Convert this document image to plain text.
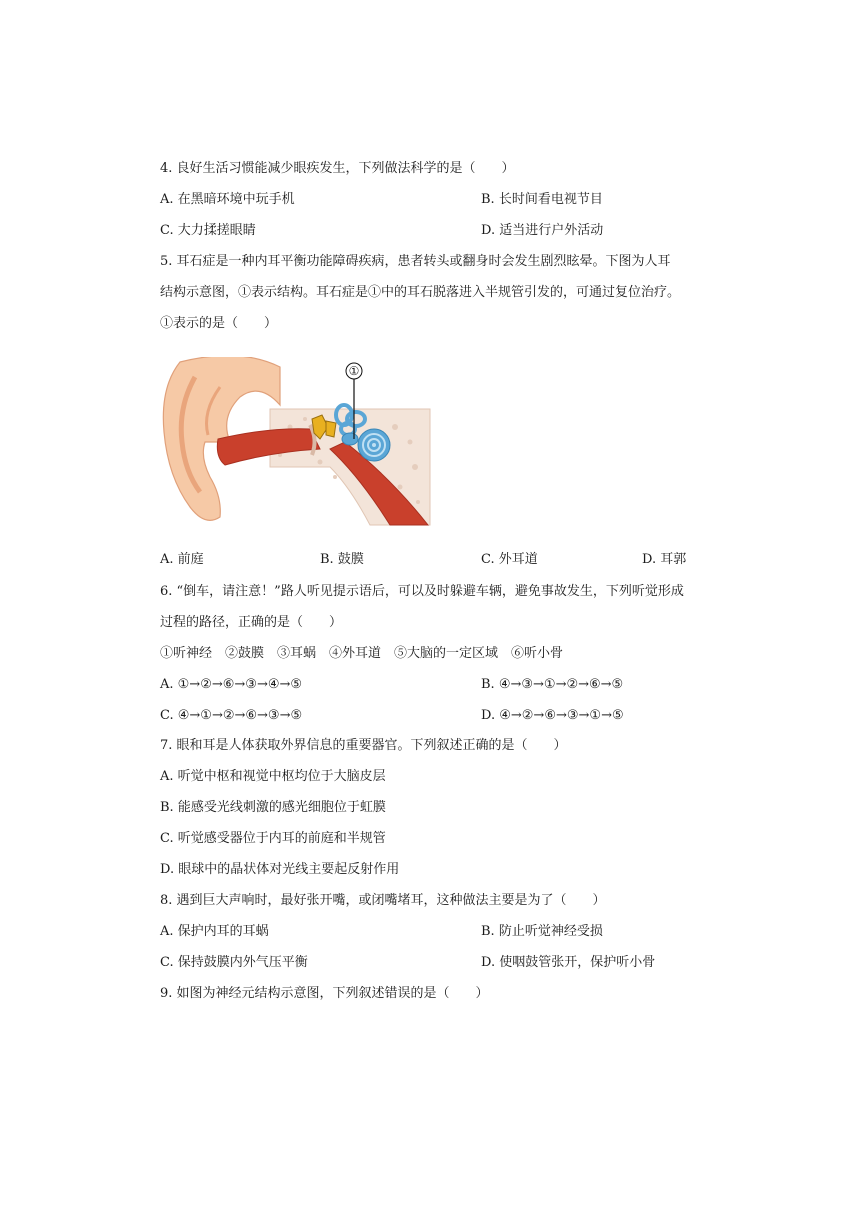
4. 良好生活习惯能减少眼疾发生，下列做法科学的是（　　）
A. 在黑暗环境中玩手机	B. 长时间看电视节目
C. 大力揉搓眼睛	D. 适当进行户外活动
5. 耳石症是一种内耳平衡功能障碍疾病，患者转头或翻身时会发生剧烈眩晕。下图为人耳
结构示意图，①表示结构。耳石症是①中的耳石脱落进入半规管引发的，可通过复位治疗。
①表示的是（　　）
①
A. 前庭	B. 鼓膜	C. 外耳道	D. 耳郭
6. “倒车，请注意！”路人听见提示语后，可以及时躲避车辆，避免事故发生，下列听觉形成
过程的路径，正确的是（　　）
①听神经　②鼓膜　③耳蜗　④外耳道　⑤大脑的一定区域　⑥听小骨
A. ①→②→⑥→③→④→⑤	B. ④→③→①→②→⑥→⑤
C. ④→①→②→⑥→③→⑤	D. ④→②→⑥→③→①→⑤
7. 眼和耳是人体获取外界信息的重要器官。下列叙述正确的是（　　）
A. 听觉中枢和视觉中枢均位于大脑皮层
B. 能感受光线刺激的感光细胞位于虹膜
C. 听觉感受器位于内耳的前庭和半规管
D. 眼球中的晶状体对光线主要起反射作用
8. 遇到巨大声响时，最好张开嘴，或闭嘴堵耳，这种做法主要是为了（　　）
A. 保护内耳的耳蜗	B. 防止听觉神经受损
C. 保持鼓膜内外气压平衡	D. 使咽鼓管张开，保护听小骨
9. 如图为神经元结构示意图，下列叙述错误的是（　　）
